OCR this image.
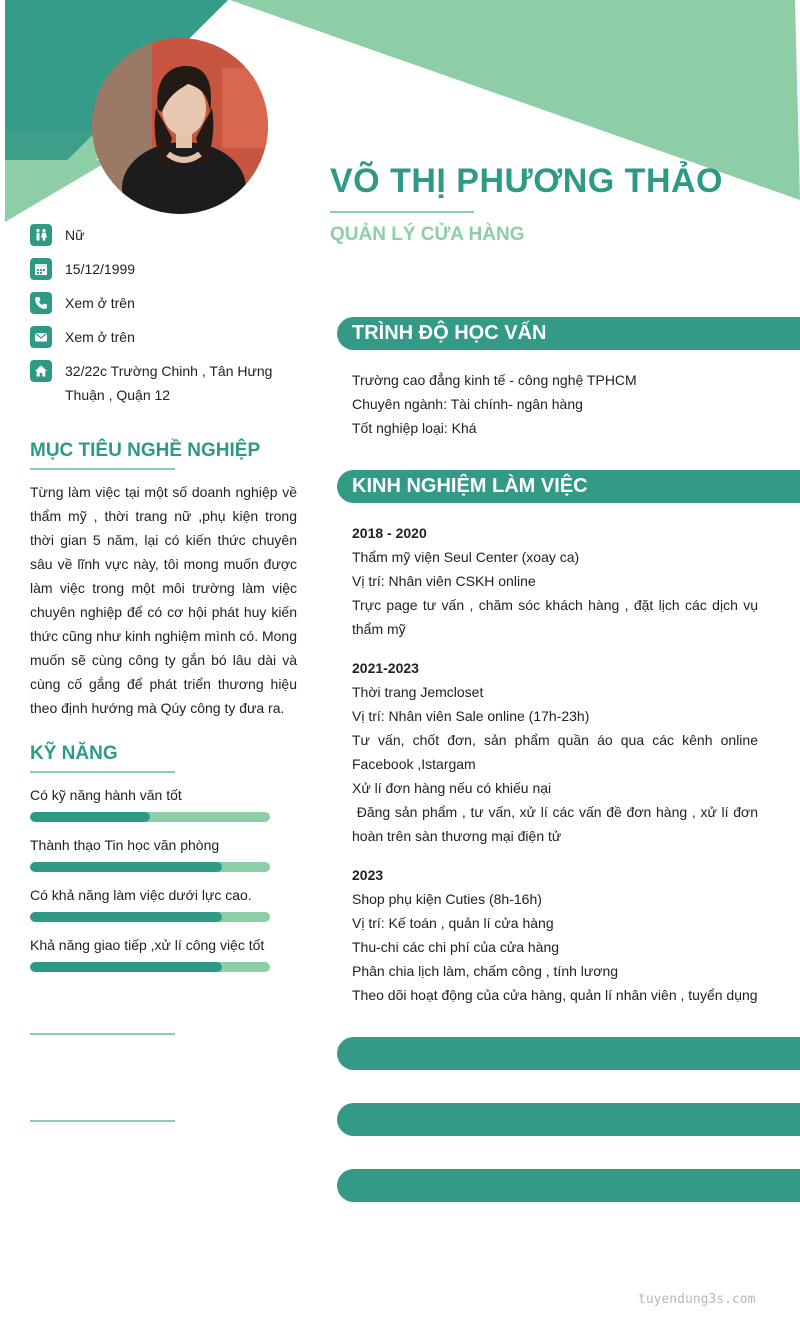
VÕ THỊ PHƯƠNG THẢO
QUẢN LÝ CỬA HÀNG
Nữ
15/12/1999
Xem ở trên
Xem ở trên
32/22c Trường Chinh , Tân Hưng Thuận , Quận 12
MỤC TIÊU NGHỀ NGHIỆP
Từng làm việc tại một số doanh nghiệp về thẩm mỹ , thời trang nữ ,phụ kiện trong thời gian 5 năm, lại có kiến thức chuyên sâu về lĩnh vực này, tôi mong muốn được làm việc trong một môi trường làm việc chuyên nghiệp để có cơ hội phát huy kiến thức cũng như kinh nghiệm mình có. Mong muốn sẽ cùng công ty gắn bó lâu dài và cùng cố gắng để phát triển thương hiệu theo định hướng mà Qúy công ty đưa ra.
KỸ NĂNG
Có kỹ năng hành văn tốt
Thành thạo Tin học văn phòng
Có khả năng làm việc dưới lực cao.
Khả năng giao tiếp ,xử lí công việc tốt
TRÌNH ĐỘ HỌC VẤN
Trường cao đẳng kinh tế - công nghệ TPHCM
Chuyên ngành: Tài chính- ngân hàng
Tốt nghiệp loại: Khá
KINH NGHIỆM LÀM VIỆC
2018 - 2020
Thẩm mỹ viện Seul Center (xoay ca)
Vị trí: Nhân viên CSKH online
Trực page tư vấn , chăm sóc khách hàng , đặt lịch các dịch vụ thẩm mỹ
2021-2023
Thời trang Jemcloset
Vị trí: Nhân viên Sale online (17h-23h)
Tư vấn, chốt đơn, sản phẩm quần áo qua các kênh online Facebook ,Istargam
Xử lí đơn hàng nếu có khiếu nại
Đăng sản phẩm , tư vấn, xử lí các vấn đề đơn hàng , xử lí đơn hoàn trên sàn thương mại điện tử
2023
Shop phụ kiện Cuties (8h-16h)
Vị trí: Kế toán , quản lí cửa hàng
Thu-chi các chi phí của cửa hàng
Phân chia lịch làm, chấm công , tính lương
Theo dõi hoạt động của cửa hàng, quản lí nhân viên , tuyển dụng
tuyendung3s.com
